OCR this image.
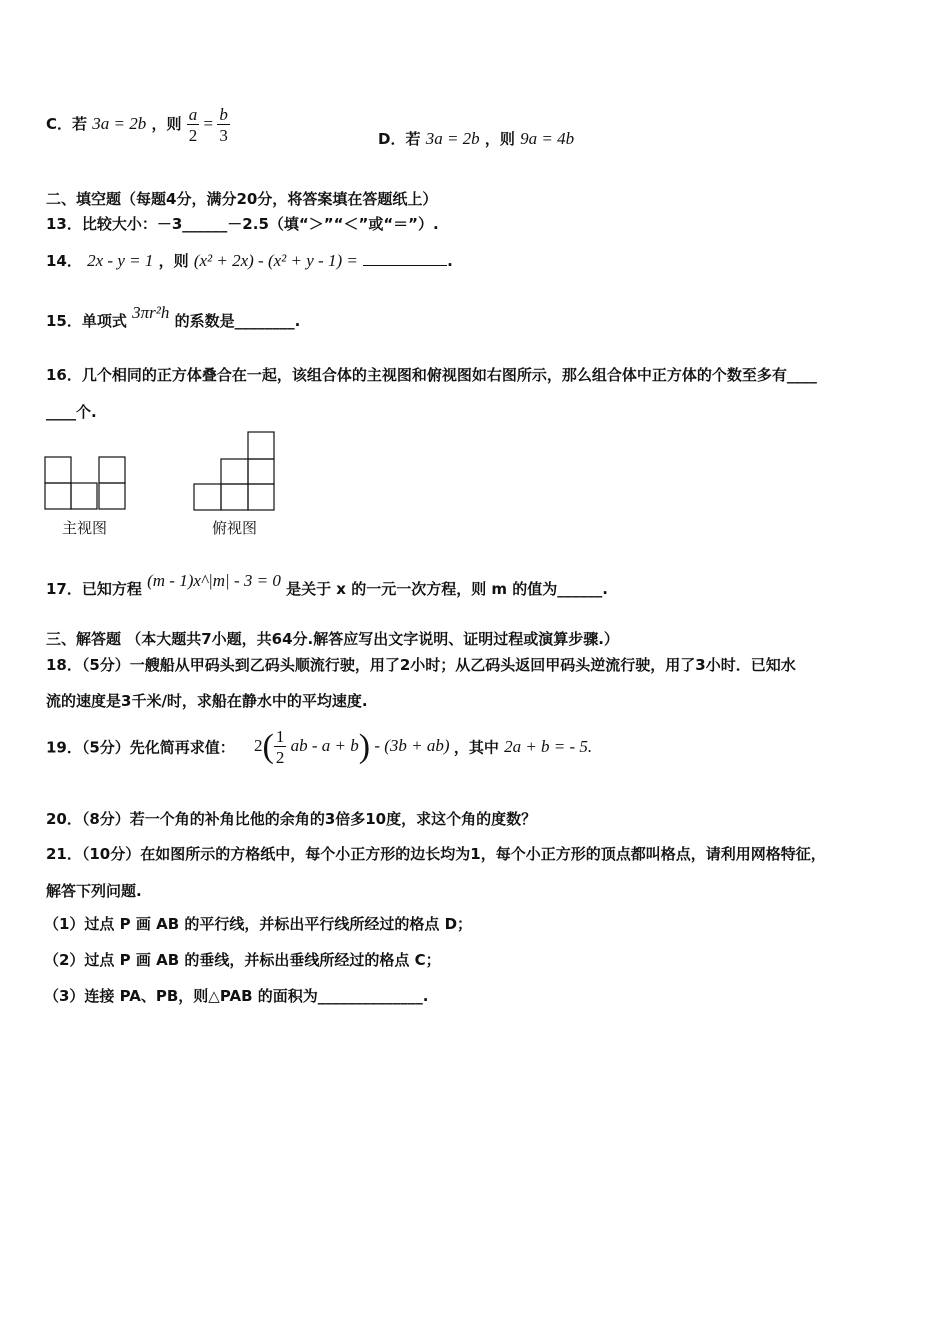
C．若 3a = 2b ，则 $\frac{a}{2} = \frac{b}{3}$	D．若 3a = 2b ，则 9a = 4b
二、填空题（每题4分，满分20分，将答案填在答题纸上）
13．比较大小：－3______－2.5（填“＞”“＜”或“＝”）.
14． 2x - y = 1 ，则 (x² + 2x) - (x² + y - 1) =	.
15．单项式 3πr²h 的系数是________.
16．几个相同的正方体叠合在一起，该组合体的主视图和俯视图如右图所示，那么组合体中正方体的个数至多有____
____个.
主视图	俯视图
17．已知方程 (m - 1)x^|m| - 3 = 0 是关于 x 的一元一次方程，则 m 的值为______.
三、解答题 （本大题共7小题，共64分.解答应写出文字说明、证明过程或演算步骤.）
18．（5分）一艘船从甲码头到乙码头顺流行驶，用了2小时；从乙码头返回甲码头逆流行驶，用了3小时．已知水
流的速度是3千米/时，求船在静水中的平均速度.
19．（5分）先化简再求值： $2( \frac{1}{2}$ ab - a + b) - (3b + ab) ，其中 2a + b = - 5.
20．（8分）若一个角的补角比他的余角的3倍多10度，求这个角的度数？
21．（10分）在如图所示的方格纸中，每个小正方形的边长均为1，每个小正方形的顶点都叫格点，请利用网格特征，
解答下列问题.
（1）过点 P 画 AB 的平行线，并标出平行线所经过的格点 D；
（2）过点 P 画 AB 的垂线，并标出垂线所经过的格点 C；
（3）连接 PA、PB，则△PAB 的面积为______________.
